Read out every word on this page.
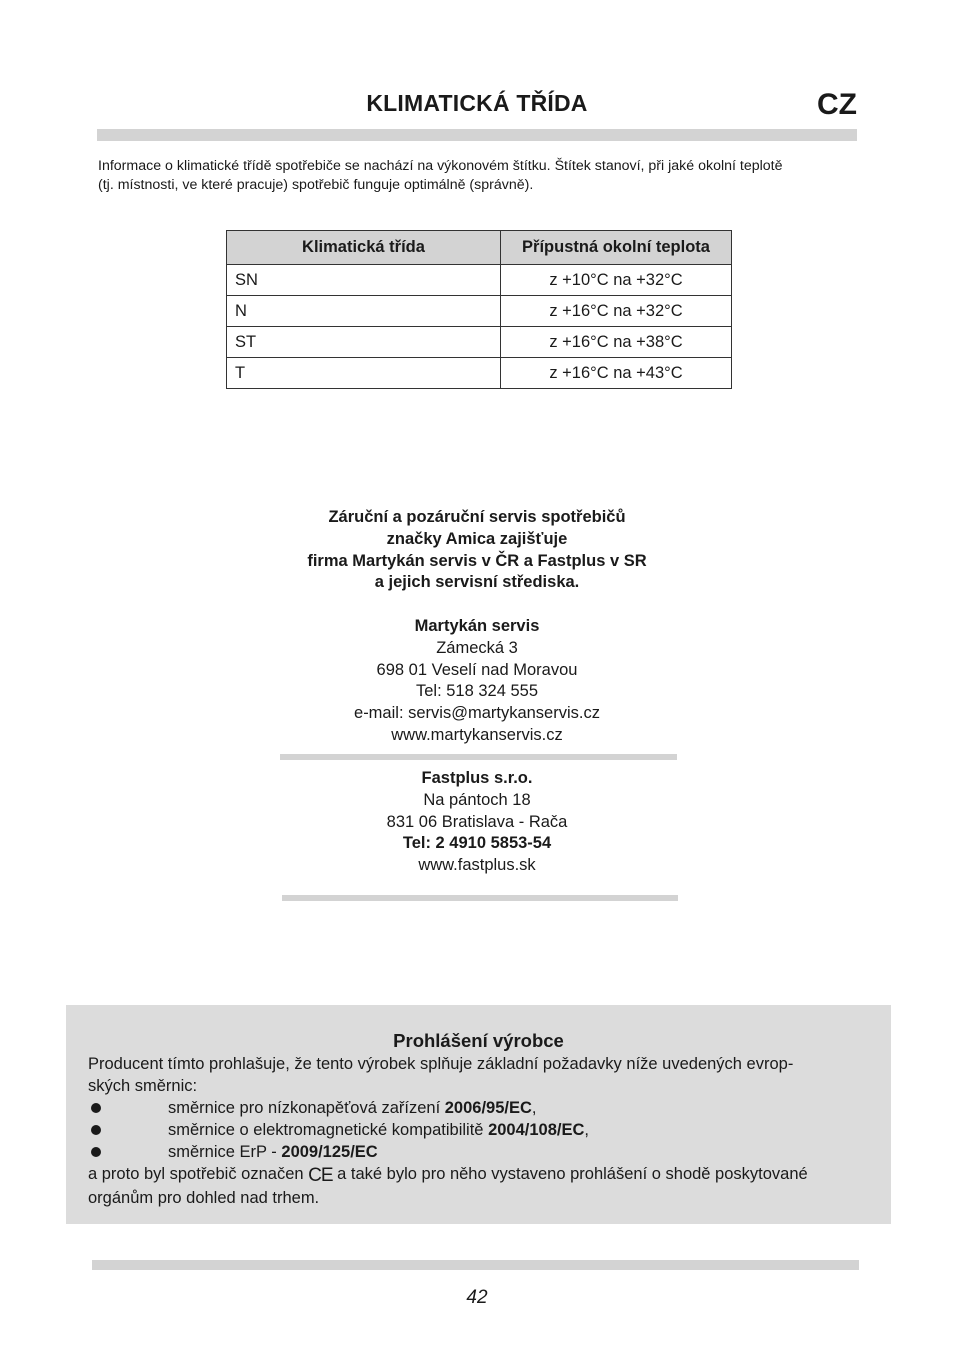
KLIMATICKÁ TŘÍDA	CZ
Informace o klimatické třídě spotřebiče se nachází na výkonovém štítku. Štítek stanoví, při jaké okolní teplotě
(tj. místnosti, ve které pracuje) spotřebič funguje optimálně (správně).
Klimatická třída	Přípustná okolní teplota
SN	z +10°C na +32°C
N	z +16°C na +32°C
ST	z +16°C na +38°C
T	z +16°C na +43°C
Záruční a pozáruční servis spotřebičů
značky Amica zajišťuje
firma Martykán servis v ČR a Fastplus v SR
a jejich servisní střediska.
Martykán servis
Zámecká 3
698 01 Veselí nad Moravou
Tel: 518 324 555
e-mail: servis@martykanservis.cz
www.martykanservis.cz
Fastplus s.r.o.
Na pántoch 18
831 06 Bratislava - Rača
Tel: 2 4910 5853-54
www.fastplus.sk
Prohlášení výrobce
Producent tímto prohlašuje, že tento výrobek splňuje základní požadavky níže uvedených evrop-
ských směrnic:
směrnice pro nízkonapěťová zařízení 2006/95/EC,
směrnice o elektromagnetické kompatibilitě 2004/108/EC,
směrnice ErP - 2009/125/EC
a proto byl spotřebič označen CE a také bylo pro něho vystaveno prohlášení o shodě poskytované
orgánům pro dohled nad trhem.
42
